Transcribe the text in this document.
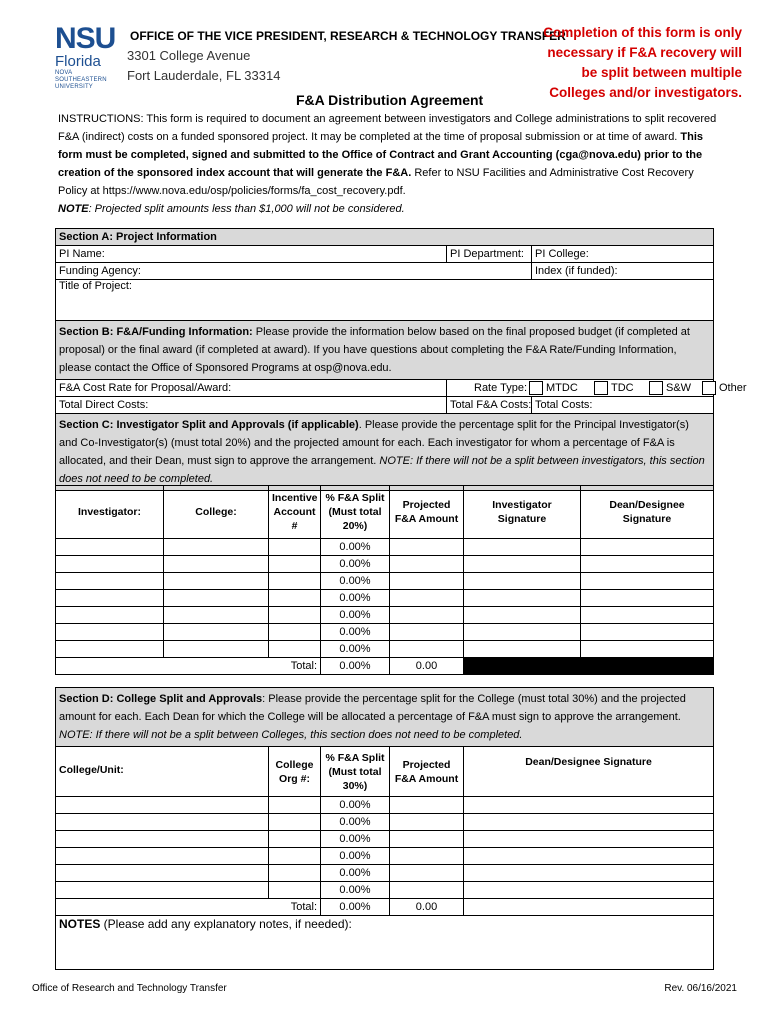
NSU
Florida
NOVA SOUTHEASTERN UNIVERSITY
OFFICE OF THE VICE PRESIDENT, RESEARCH & TECHNOLOGY TRANSFER
3301 College Avenue
Fort Lauderdale, FL 33314
Completion of this form is only necessary if F&A recovery will be split between multiple Colleges and/or investigators.
F&A Distribution Agreement
INSTRUCTIONS: This form is required to document an agreement between investigators and College administrations to split recovered F&A (indirect) costs on a funded sponsored project. It may be completed at the time of proposal submission or at time of award. This form must be completed, signed and submitted to the Office of Contract and Grant Accounting (cga@nova.edu) prior to the creation of the sponsored index account that will generate the F&A. Refer to NSU Facilities and Administrative Cost Recovery Policy at https://www.nova.edu/osp/policies/forms/fa_cost_recovery.pdf.
NOTE: Projected split amounts less than $1,000 will not be considered.
Section A: Project Information		
PI Name:	PI Department:	PI College:
Funding Agency:		Index (if funded):
Title of Project:		
Section B: F&A/Funding Information: Please provide the information below based on the final proposed budget (if completed at proposal) or the final award (if completed at award). If you have questions about completing the F&A Rate/Funding Information, please contact the Office of Sponsored Programs at osp@nova.edu.		
F&A Cost Rate for Proposal/Award:	Rate Type: MTDC TDC S&W Other	
Total Direct Costs:	Total F&A Costs:	Total Costs:
Section C: Investigator Split and Approvals (if applicable). Please provide the percentage split for the Principal Investigator(s) and Co-Investigator(s) (must total 20%) and the projected amount for each. Each investigator for whom a percentage of F&A is allocated, and their Dean, must sign to approve the arrangement. NOTE: If there will not be a split between investigators, this section does not need to be completed.		
Investigator:	College:	Incentive Account #	% F&A Split (Must total 20%)	Projected F&A Amount	Investigator Signature	Dean/Designee Signature
			0.00%			
			0.00%			
			0.00%			
			0.00%			
			0.00%			
			0.00%			
			0.00%			
Total:			0.00%	0.00		
Section D: College Split and Approvals: Please provide the percentage split for the College (must total 30%) and the projected amount for each. Each Dean for which the College will be allocated a percentage of F&A must sign to approve the arrangement. NOTE: If there will not be a split between Colleges, this section does not need to be completed.				
College/Unit:	College Org #:	% F&A Split (Must total 30%)	Projected F&A Amount	Dean/Designee Signature
		0.00%		
		0.00%		
		0.00%		
		0.00%		
		0.00%		
		0.00%		
Total:		0.00%	0.00	
NOTES (Please add any explanatory notes, if needed):				
Office of Research and Technology Transfer	Rev. 06/16/2021
